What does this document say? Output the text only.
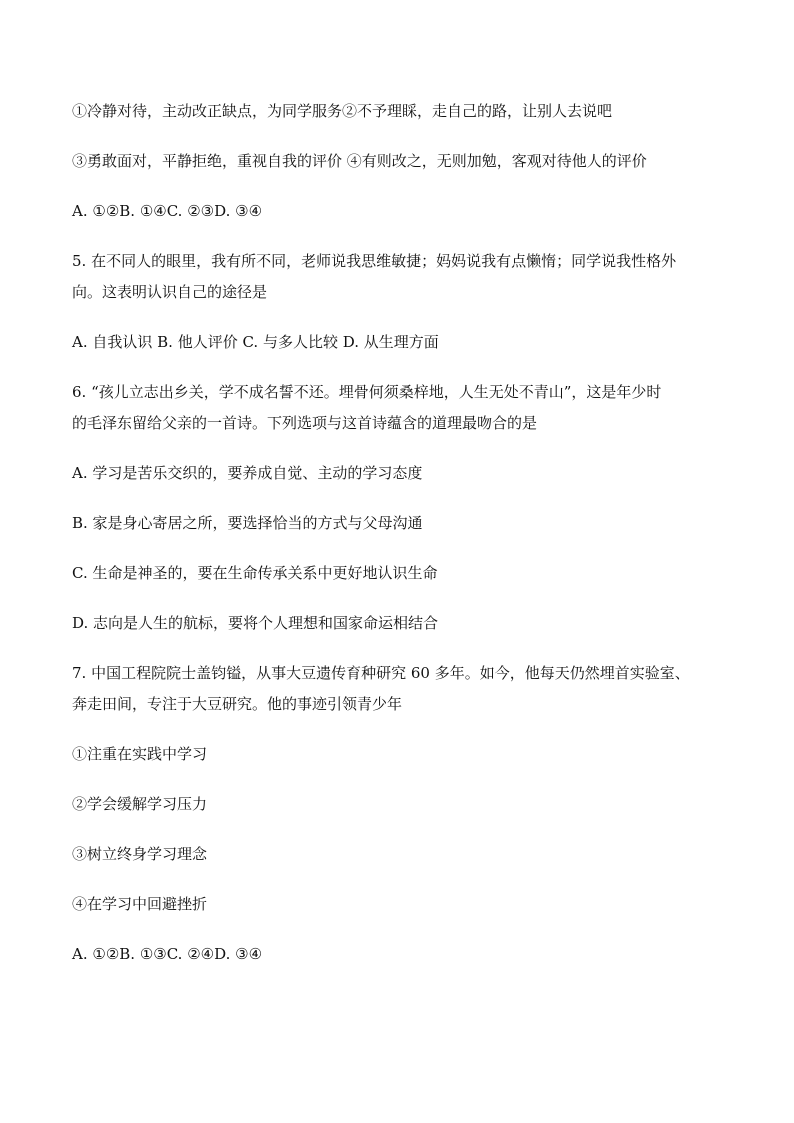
①冷静对待，主动改正缺点，为同学服务②不予理睬，走自己的路，让别人去说吧
③勇敢面对，平静拒绝，重视自我的评价 ④有则改之，无则加勉，客观对待他人的评价
A. ①②B. ①④C. ②③D. ③④
5. 在不同人的眼里，我有所不同，老师说我思维敏捷；妈妈说我有点懒惰；同学说我性格外
向。这表明认识自己的途径是
A. 自我认识 B. 他人评价 C. 与多人比较 D. 从生理方面
6. “孩儿立志出乡关，学不成名誓不还。埋骨何须桑梓地，人生无处不青山”，这是年少时
的毛泽东留给父亲的一首诗。下列选项与这首诗蕴含的道理最吻合的是
A. 学习是苦乐交织的，要养成自觉、主动的学习态度
B. 家是身心寄居之所，要选择恰当的方式与父母沟通
C. 生命是神圣的，要在生命传承关系中更好地认识生命
D. 志向是人生的航标，要将个人理想和国家命运相结合
7. 中国工程院院士盖钧镒，从事大豆遗传育种研究 60 多年。如今，他每天仍然埋首实验室、
奔走田间，专注于大豆研究。他的事迹引领青少年
①注重在实践中学习
②学会缓解学习压力
③树立终身学习理念
④在学习中回避挫折
A. ①②B. ①③C. ②④D. ③④
